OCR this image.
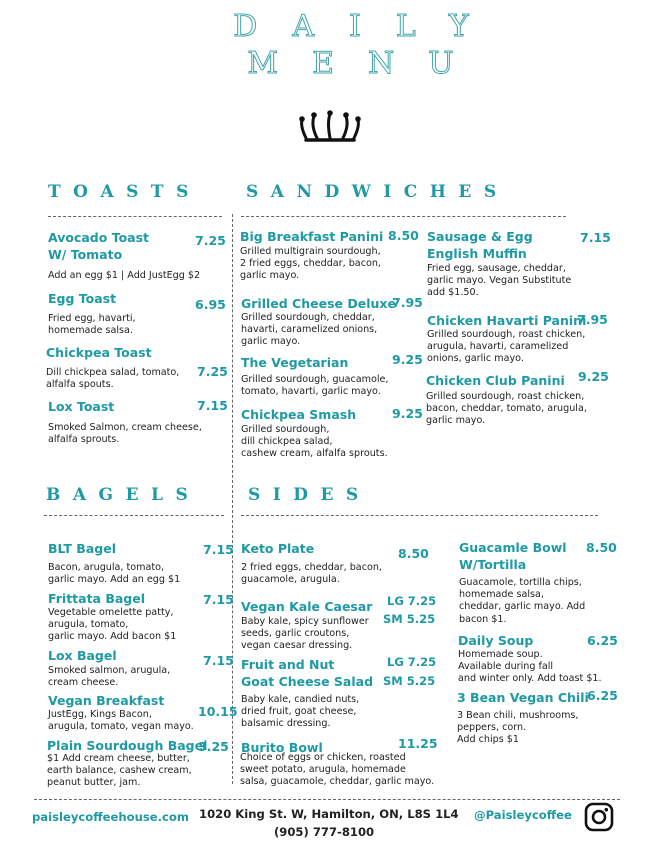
DAILY
MENU
TOASTS	SANDWICHES
BAGELS	SIDES
Avocado Toast
W/ Tomato
7.25
Add an egg $1 | Add JustEgg $2
Egg Toast	6.95
Fried egg, havarti,
homemade salsa.
Chickpea Toast
7.25
Dill chickpea salad, tomato,
alfalfa spouts.
Lox Toast	7.15
Smoked Salmon, cream cheese,
alfalfa sprouts.
Big Breakfast Panini 8.50
Grilled multigrain sourdough,
2 fried eggs, cheddar, bacon,
garlic mayo.
Grilled Cheese Deluxe
7.95
Grilled sourdough, cheddar,
havarti, caramelized onions,
garlic mayo.
The Vegetarian	9.25
Grilled sourdough, guacamole,
tomato, havarti, garlic mayo.
Chickpea Smash	9.25
Grilled sourdough,
dill chickpea salad,
cashew cream, alfalfa sprouts.
Sausage & Egg
English Muffin
7.15
Fried egg, sausage, cheddar,
garlic mayo. Vegan Substitute
add $1.50.
Chicken Havarti Panini
7.95
Grilled sourdough, roast chicken,
arugula, havarti, caramelized
onions, garlic mayo.
Chicken Club Panini 9.25
Grilled sourdough, roast chicken,
bacon, cheddar, tomato, arugula,
garlic mayo.
BLT Bagel	7.15
Bacon, arugula, tomato,
garlic mayo. Add an egg $1
Frittata Bagel	7.15
Vegetable omelette patty,
arugula, tomato,
garlic mayo. Add bacon $1
Lox Bagel	7.15
Smoked salmon, arugula,
cream cheese.
Vegan Breakfast
10.15
JustEgg, Kings Bacon,
arugula, tomato, vegan mayo.
Plain Sourdough Bagel
3.25
$1 Add cream cheese, butter,
earth balance, cashew cream,
peanut butter, jam.
Keto Plate	8.50
2 fried eggs, cheddar, bacon,
guacamole, arugula.
Vegan Kale Caesar LG 7.25
SM 5.25
Baby kale, spicy sunflower
seeds, garlic croutons,
vegan caesar dressing.
Fruit and Nut
Goat Cheese Salad
LG 7.25
SM 5.25
Baby kale, candied nuts,
dried fruit, goat cheese,
balsamic dressing.
Burito Bowl	11.25
Choice of eggs or chicken, roasted
sweet potato, arugula, homemade
salsa, guacamole, cheddar, garlic mayo.
Guacamle Bowl
W/Tortilla
8.50
Guacamole, tortilla chips,
homemade salsa,
cheddar, garlic mayo. Add
bacon $1.
Daily Soup	6.25
Homemade soup.
Available during fall
and winter only. Add toast $1.
3 Bean Vegan Chili
6.25
3 Bean chili, mushrooms,
peppers, corn.
Add chips $1
paisleycoffeehouse.com 1020 King St. W, Hamilton, ON, L8S 1L4
(905) 777-8100
@Paisleycoffee
